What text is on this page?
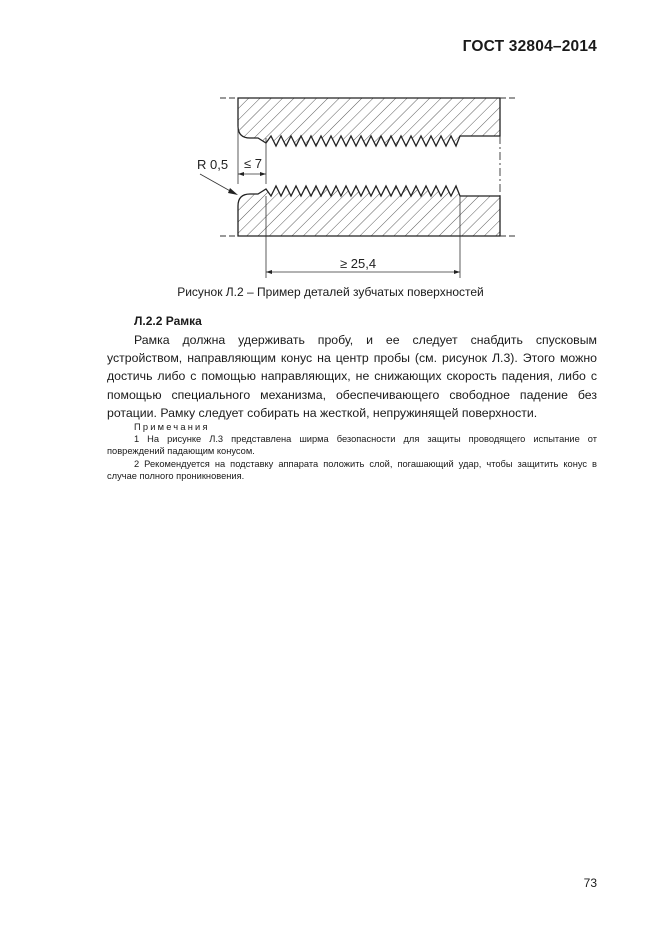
ГОСТ 32804–2014
≤ 7
R 0,5
≥ 25,4
Рисунок Л.2 – Пример деталей зубчатых поверхностей
Л.2.2 Рамка
Рамка должна удерживать пробу, и ее следует снабдить спусковым устройством, направляющим конус на центр пробы (см. рисунок Л.3). Этого можно достичь либо с помощью направляющих, не снижающих скорость падения, либо с помощью специального механизма, обеспечивающего свободное падение без ротации. Рамку следует собирать на жесткой, непружинящей поверхности.
Примечания
1 На рисунке Л.3 представлена ширма безопасности для защиты проводящего испытание от повреждений падающим конусом.
2 Рекомендуется на подставку аппарата положить слой, погашающий удар, чтобы защитить конус в случае полного проникновения.
73
